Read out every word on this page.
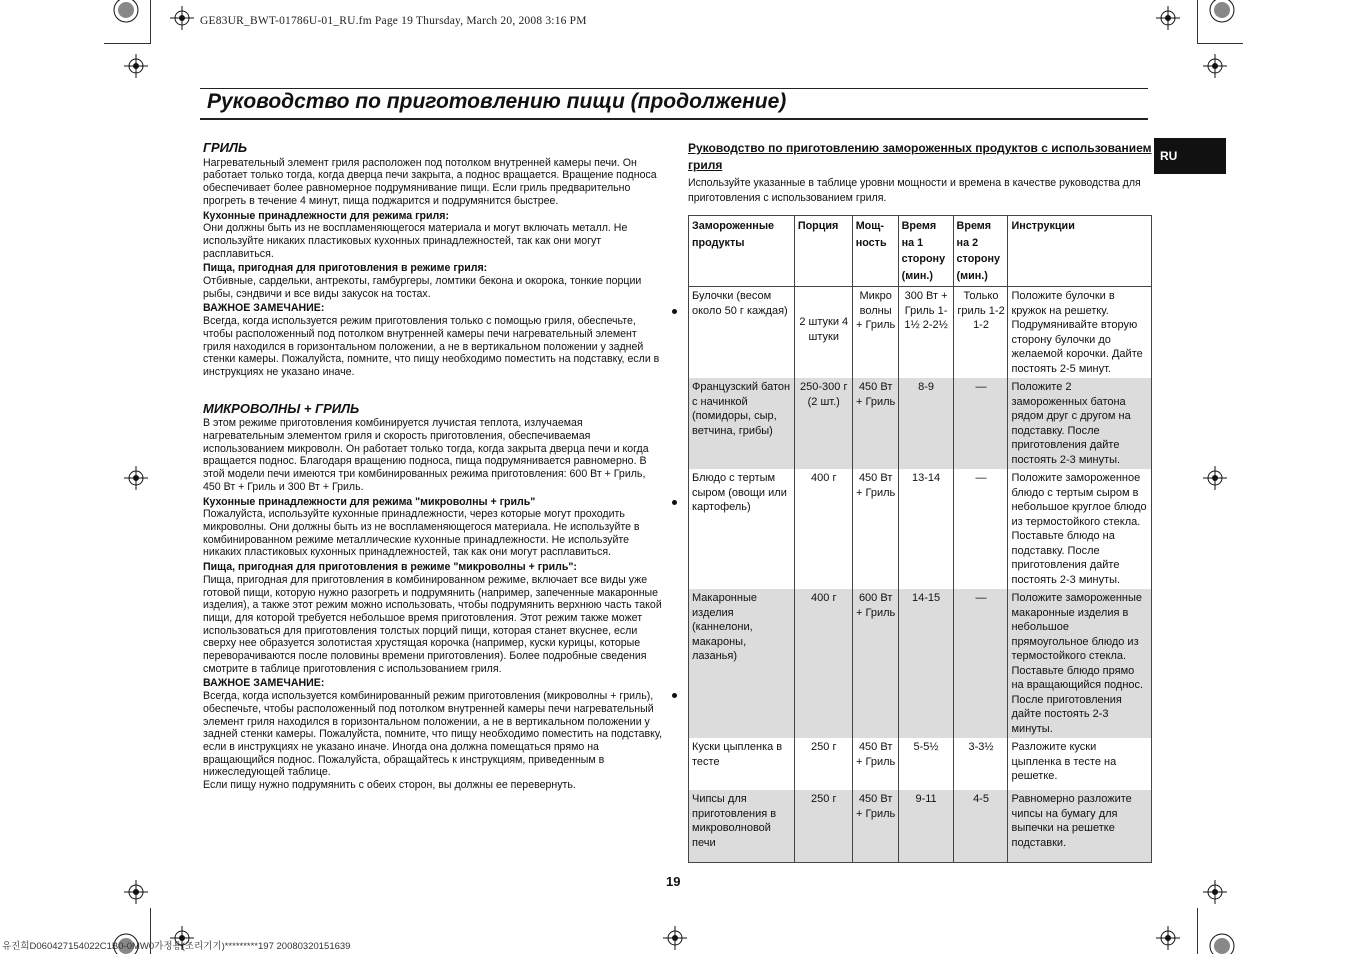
GE83UR_BWT-01786U-01_RU.fm Page 19 Thursday, March 20, 2008 3:16 PM
Руководство по приготовлению пищи (продолжение)
RU
ГРИЛЬ

Нагревательный элемент гриля расположен под потолком внутренней камеры печи. Он работает только тогда, когда дверца печи закрыта, а поднос вращается. Вращение подноса обеспечивает более равномерное подрумянивание пищи. Если гриль предварительно прогреть в течение 4 минут, пища поджарится и подрумянится быстрее.

Кухонные принадлежности для режима гриля:

Они должны быть из не воспламеняющегося материала и могут включать металл. Не используйте никаких пластиковых кухонных принадлежностей, так как они могут расплавиться.

Пища, пригодная для приготовления в режиме гриля:

Отбивные, сардельки, антрекоты, гамбургеры, ломтики бекона и окорока, тонкие порции рыбы, сэндвичи и все виды закусок на тостах.

ВАЖНОЕ ЗАМЕЧАНИЕ:

Всегда, когда используется режим приготовления только с помощью гриля, обеспечьте, чтобы расположенный под потолком внутренней камеры печи нагревательный элемент гриля находился в горизонтальном положении, а не в вертикальном положении у задней стенки камеры. Пожалуйста, помните, что пищу необходимо поместить на подставку, если в инструкциях не указано иначе.

МИКРОВОЛНЫ + ГРИЛЬ

В этом режиме приготовления комбинируется лучистая теплота, излучаемая нагревательным элементом гриля и скорость приготовления, обеспечиваемая использованием микроволн. Он работает только тогда, когда закрыта дверца печи и когда вращается поднос. Благодаря вращению подноса, пища подрумянивается равномерно. В этой модели печи имеются три комбинированных режима приготовления: 600 Вт + Гриль, 450 Вт + Гриль и 300 Вт + Гриль.

Кухонные принадлежности для режима "микроволны + гриль"

Пожалуйста, используйте кухонные принадлежности, через которые могут проходить микроволны. Они должны быть из не воспламеняющегося материала. Не используйте в комбинированном режиме металлические кухонные принадлежности. Не используйте никаких пластиковых кухонных принадлежностей, так как они могут расплавиться.

Пища, пригодная для приготовления в режиме "микроволны + гриль":

Пища, пригодная для приготовления в комбинированном режиме, включает все виды уже готовой пищи, которую нужно разогреть и подрумянить (например, запеченные макаронные изделия), а также этот режим можно использовать, чтобы подрумянить верхнюю часть такой пищи, для которой требуется небольшое время приготовления. Этот режим также может использоваться для приготовления толстых порций пищи, которая станет вкуснее, если сверху нее образуется золотистая хрустящая корочка (например, куски курицы, которые переворачиваются после половины времени приготовления). Более подробные сведения смотрите в таблице приготовления с использованием гриля.

ВАЖНОЕ ЗАМЕЧАНИЕ:

Всегда, когда используется комбинированный режим приготовления (микроволны + гриль), обеспечьте, чтобы расположенный под потолком внутренней камеры печи нагревательный элемент гриля находился в горизонтальном положении, а не в вертикальном положении у задней стенки камеры. Пожалуйста, помните, что пищу необходимо поместить на подставку, если в инструкциях не указано иначе. Иногда она должна помещаться прямо на вращающийся поднос. Пожалуйста, обращайтесь к инструкциям, приведенным в нижеследующей таблице.

Если пищу нужно подрумянить с обеих сторон, вы должны ее перевернуть.

Руководство по приготовлению замороженных продуктов с использованием гриля

Используйте указанные в таблице уровни мощности и времена в качестве руководства для приготовления с использованием гриля.

Замороженные продукты	Порция	Мощ-ность	Время на 1 сторону (мин.)	Время на 2 сторону (мин.)	Инструкции
Булочки (весом около 50 г каждая)	2 штуки 4 штуки	Микро волны + Гриль	300 Вт + Гриль 1-1½ 2-2½	Только гриль 1-2 1-2	Положите булочки в кружок на решетку. Подрумянивайте вторую сторону булочки до желаемой корочки. Дайте постоять 2-5 минут.
Французский батон с начинкой (помидоры, сыр, ветчина, грибы)	250-300 г (2 шт.)	450 Вт + Гриль	8-9	—	Положите 2 замороженных батона рядом друг с другом на подставку. После приготовления дайте постоять 2-3 минуты.
Блюдо с тертым сыром (овощи или картофель)	400 г	450 Вт + Гриль	13-14	—	Положите замороженное блюдо с тертым сыром в небольшое круглое блюдо из термостойкого стекла. Поставьте блюдо на подставку. После приготовления дайте постоять 2-3 минуты.
Макаронные изделия (каннелони, макароны, лазанья)	400 г	600 Вт + Гриль	14-15	—	Положите замороженные макаронные изделия в небольшое прямоугольное блюдо из термостойкого стекла. Поставьте блюдо прямо на вращающийся поднос. После приготовления дайте постоять 2-3 минуты.
Куски цыпленка в тесте	250 г	450 Вт + Гриль	5-5½	3-3½	Разложите куски цыпленка в тесте на решетке.
Чипсы для приготовления в микроволновой печи	250 г	450 Вт + Гриль	9-11	4-5	Равномерно разложите чипсы на бумагу для выпечки на решетке подставки.
19
유진희D060427154022C1B0-0MW0가정용(조리기기)*********197 20080320151639
